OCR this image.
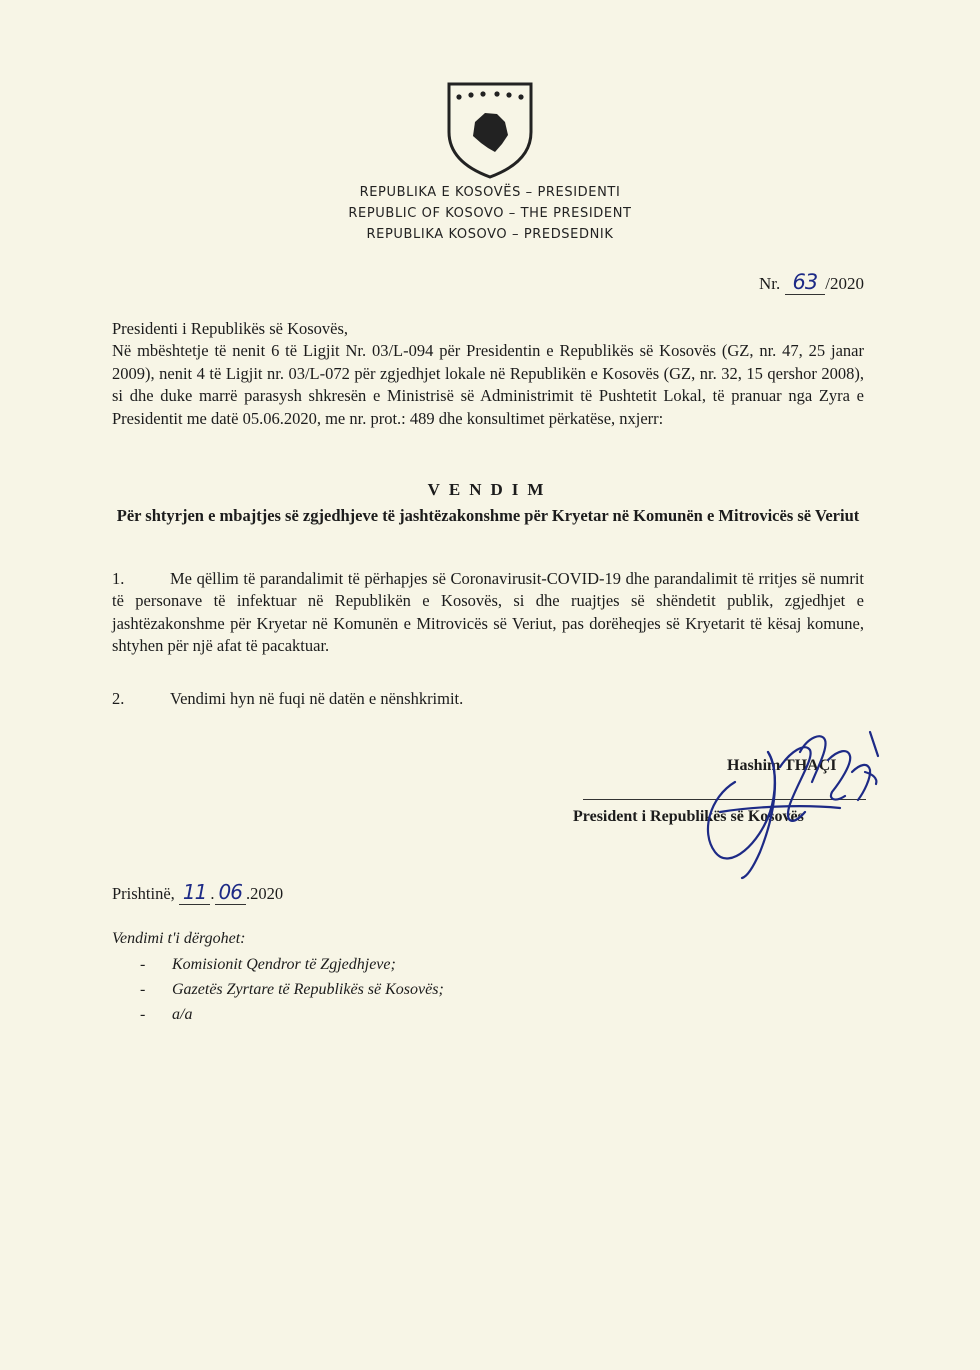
REPUBLIKA E KOSOVËS – PRESIDENTI
REPUBLIC OF KOSOVO – THE PRESIDENT
REPUBLIKA KOSOVO – PREDSEDNIK
Nr. 63 /2020

Presidenti i Republikës së Kosovës,

Në mbështetje të nenit 6 të Ligjit Nr. 03/L-094 për Presidentin e Republikës së Kosovës (GZ, nr. 47, 25 janar 2009), nenit 4 të Ligjit nr. 03/L-072 për zgjedhjet lokale në Republikën e Kosovës (GZ, nr. 32, 15 qershor 2008), si dhe duke marrë parasysh shkresën e Ministrisë së Administrimit të Pushtetit Lokal, të pranuar nga Zyra e Presidentit me datë 05.06.2020, me nr. prot.: 489 dhe konsultimet përkatëse, nxjerr:

VENDIM
Për shtyrjen e mbajtjes së zgjedhjeve të jashtëzakonshme për Kryetar në Komunën e Mitrovicës së Veriut
1.	Me qëllim të parandalimit të përhapjes së Coronavirusit-COVID-19 dhe parandalimit të rritjes së numrit të personave të infektuar në Republikën e Kosovës, si dhe ruajtjes së shëndetit publik, zgjedhjet e jashtëzakonshme për Kryetar në Komunën e Mitrovicës së Veriut, pas dorëheqjes së Kryetarit të kësaj komune, shtyhen për një afat të pacaktuar.
2.	Vendimi hyn në fuqi në datën e nënshkrimit.
Hashim THAÇI
President i Republikës së Kosovës
Prishtinë, 11 . 06 .2020
Vendimi t'i dërgohet:
- Komisionit Qendror të Zgjedhjeve;
- Gazetës Zyrtare të Republikës së Kosovës;
- a/a
